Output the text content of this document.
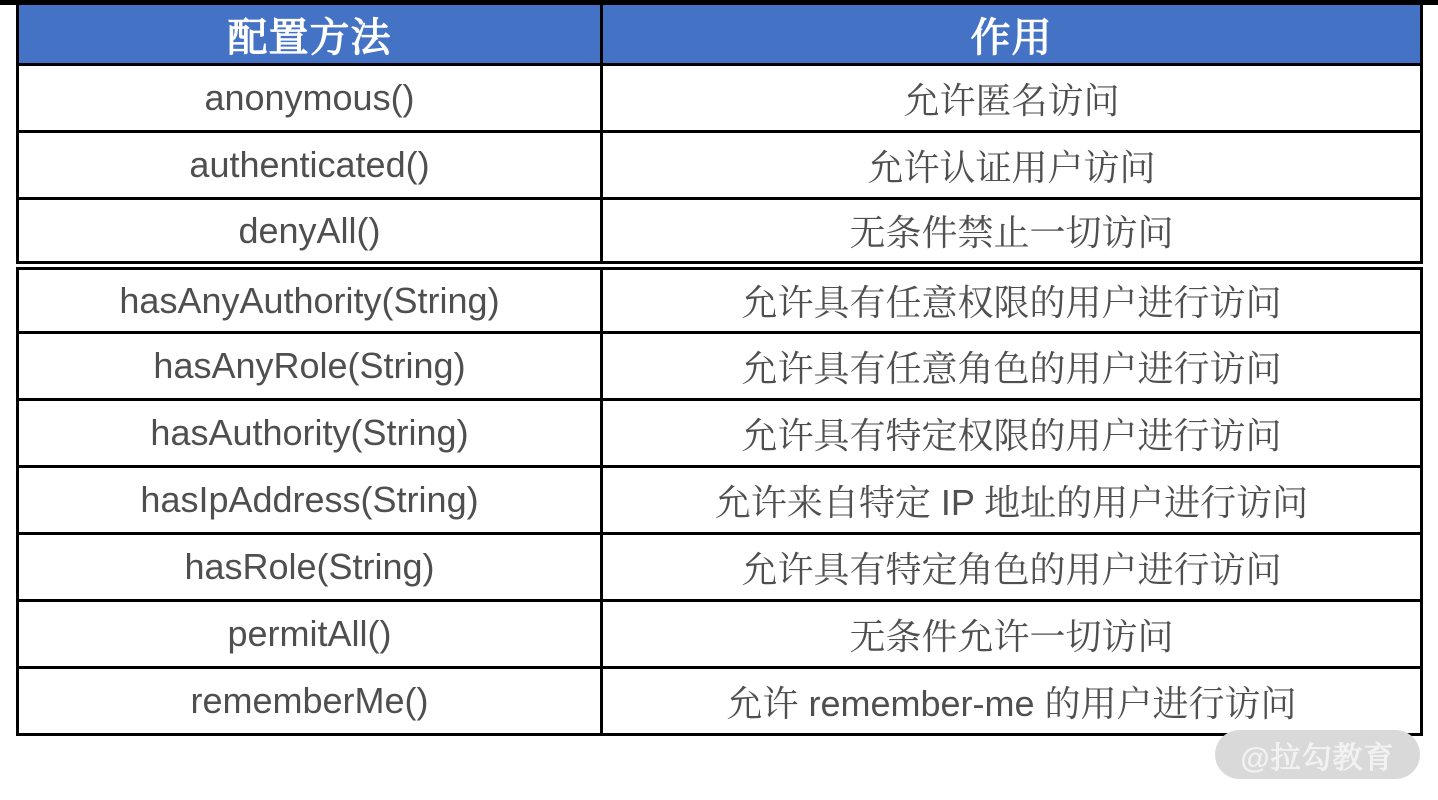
配置方法	作用
anonymous()	允许匿名访问
authenticated()	允许认证用户访问
denyAll()	无条件禁止一切访问
hasAnyAuthority(String)	允许具有任意权限的用户进行访问
hasAnyRole(String)	允许具有任意角色的用户进行访问
hasAuthority(String)	允许具有特定权限的用户进行访问
hasIpAddress(String)	允许来自特定 IP 地址的用户进行访问
hasRole(String)	允许具有特定角色的用户进行访问
permitAll()	无条件允许一切访问
rememberMe()	允许 remember-me 的用户进行访问
@拉勾教育
